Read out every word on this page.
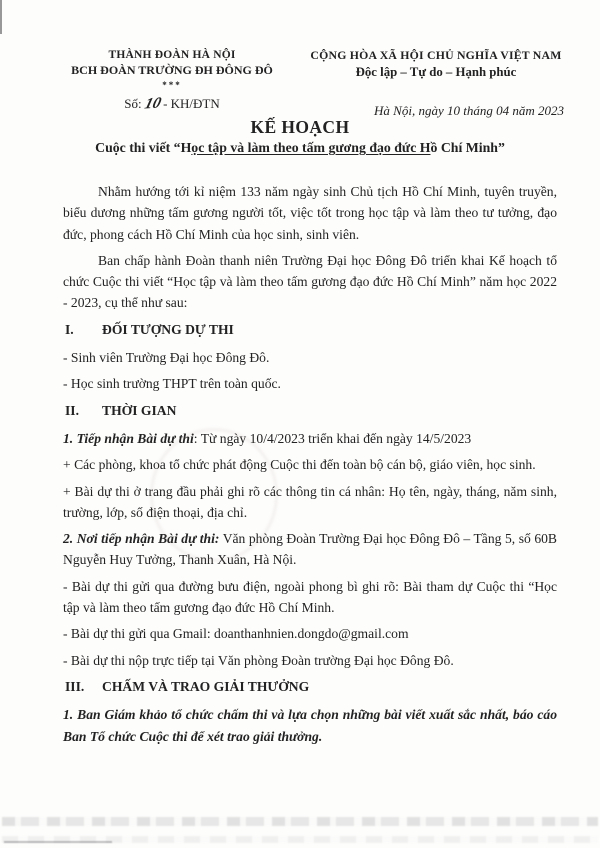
THÀNH ĐOÀN HÀ NỘI
BCH ĐOÀN TRƯỜNG ĐH ĐÔNG ĐÔ
***
Số:10- KH/ĐTN
CỘNG HÒA XÃ HỘI CHỦ NGHĨA VIỆT NAM
Độc lập – Tự do – Hạnh phúc
Hà Nội, ngày 10 tháng 04 năm 2023
KẾ HOẠCH
Cuộc thi viết “Học tập và làm theo tấm gương đạo đức Hồ Chí Minh”

Nhằm hướng tới kỉ niệm 133 năm ngày sinh Chủ tịch Hồ Chí Minh, tuyên truyền, biểu dương những tấm gương người tốt, việc tốt trong học tập và làm theo tư tưởng, đạo đức, phong cách Hồ Chí Minh của học sinh, sinh viên.

Ban chấp hành Đoàn thanh niên Trường Đại học Đông Đô triển khai Kế hoạch tổ chức Cuộc thi viết “Học tập và làm theo tấm gương đạo đức Hồ Chí Minh” năm học 2022 - 2023, cụ thể như sau:

I. ĐỐI TƯỢNG DỰ THI

- Sinh viên Trường Đại học Đông Đô.

- Học sinh trường THPT trên toàn quốc.

II. THỜI GIAN

1. Tiếp nhận Bài dự thi: Từ ngày 10/4/2023 triển khai đến ngày 14/5/2023

+ Các phòng, khoa tổ chức phát động Cuộc thi đến toàn bộ cán bộ, giáo viên, học sinh.

+ Bài dự thi ở trang đầu phải ghi rõ các thông tin cá nhân: Họ tên, ngày, tháng, năm sinh, trường, lớp, số điện thoại, địa chỉ.

2. Nơi tiếp nhận Bài dự thi: Văn phòng Đoàn Trường Đại học Đông Đô – Tầng 5, số 60B Nguyễn Huy Tưởng, Thanh Xuân, Hà Nội.

- Bài dự thi gửi qua đường bưu điện, ngoài phong bì ghi rõ: Bài tham dự Cuộc thi “Học tập và làm theo tấm gương đạo đức Hồ Chí Minh.

- Bài dự thi gửi qua Gmail: doanthanhnien.dongdo@gmail.com

- Bài dự thi nộp trực tiếp tại Văn phòng Đoàn trường Đại học Đông Đô.

III. CHẤM VÀ TRAO GIẢI THƯỞNG

1. Ban Giám khảo tổ chức chấm thi và lựa chọn những bài viết xuất sắc nhất, báo cáo Ban Tổ chức Cuộc thi để xét trao giải thưởng.
